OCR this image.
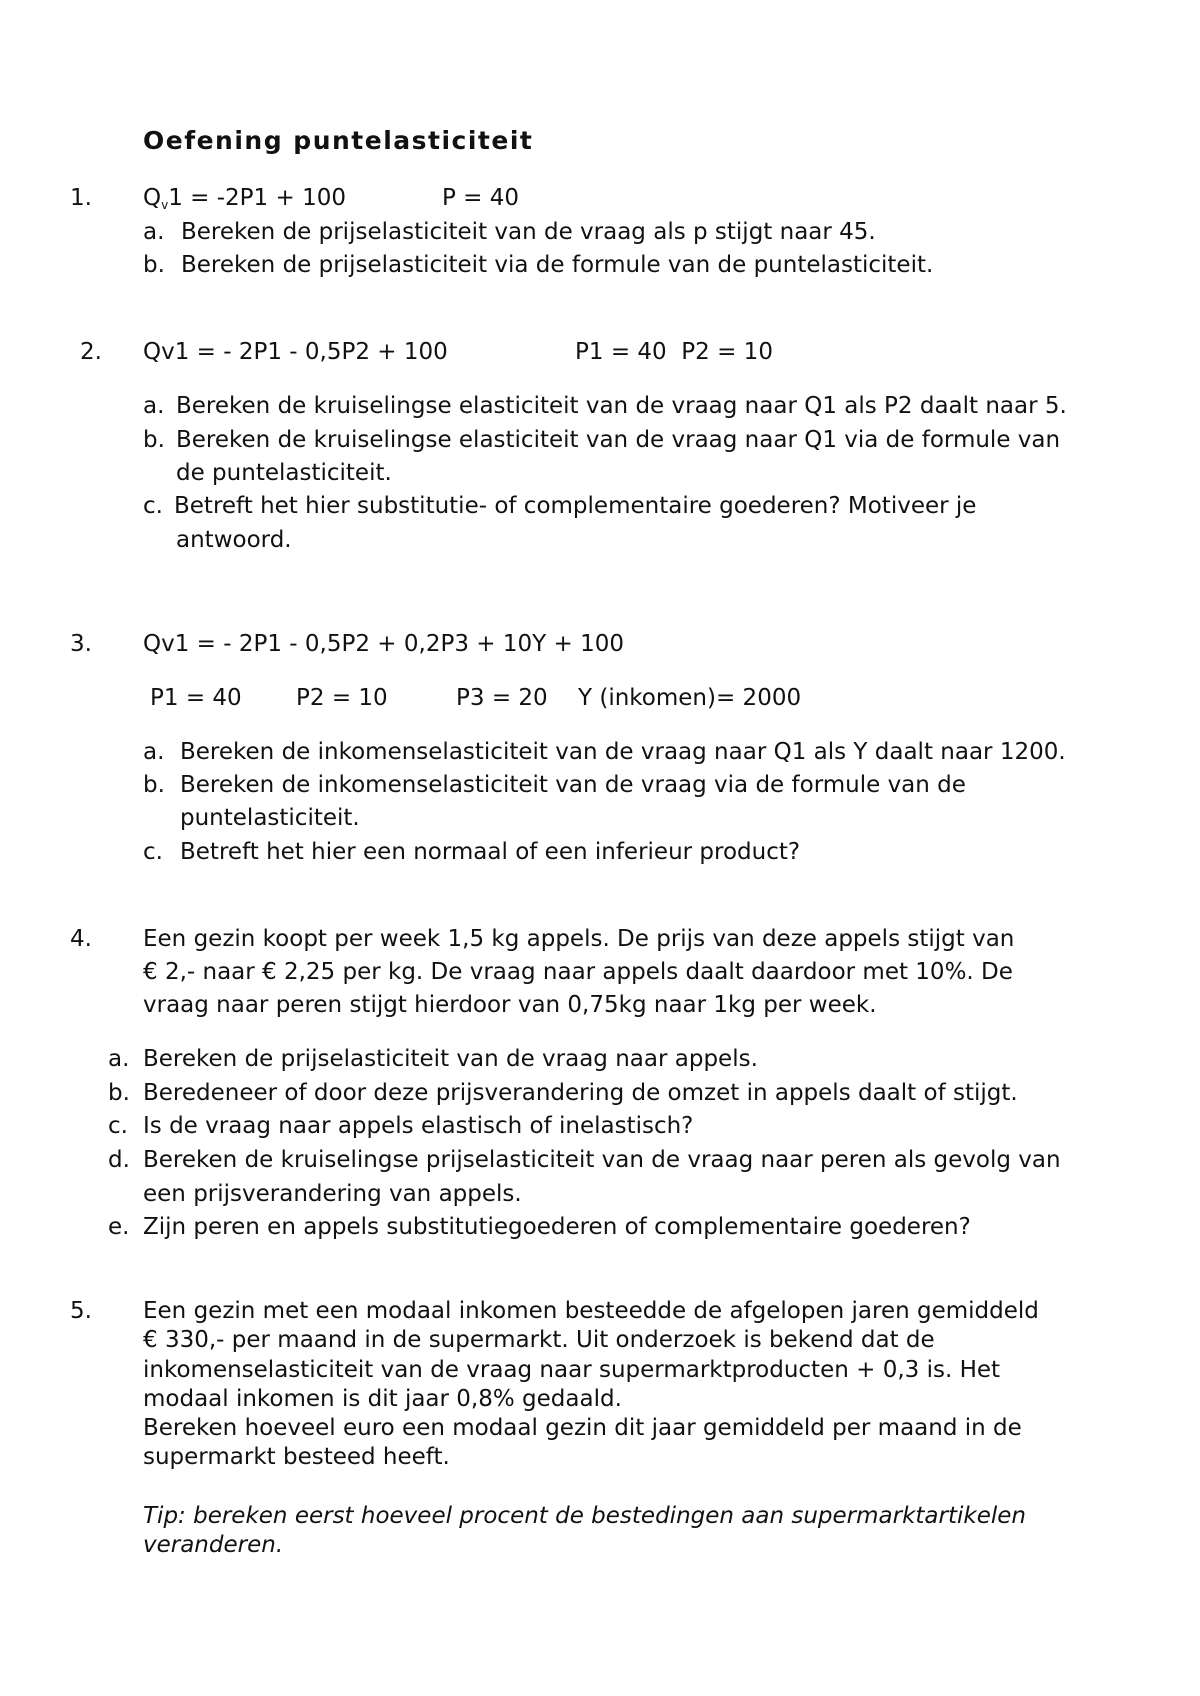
Oefening puntelasticiteit
1. $Q_v1 = -2P1 + 100$	P = 40
a. Bereken de prijselasticiteit van de vraag als p stijgt naar 45.
b. Bereken de prijselasticiteit via de formule van de puntelasticiteit.
2. Qv1 = - 2P1 - 0,5P2 + 100	P1 = 40  P2 = 10
a. Bereken de kruiselingse elasticiteit van de vraag naar Q1 als P2 daalt naar 5.
b. Bereken de kruiselingse elasticiteit van de vraag naar Q1 via de formule van
de puntelasticiteit.
c. Betreft het hier substitutie- of complementaire goederen? Motiveer je
antwoord.
3. Qv1 = - 2P1 - 0,5P2 + 0,2P3 + 10Y + 100
P1 = 40 P2 = 10	P3 = 20 Y (inkomen)= 2000
a. Bereken de inkomenselasticiteit van de vraag naar Q1 als Y daalt naar 1200.
b. Bereken de inkomenselasticiteit van de vraag via de formule van de
puntelasticiteit.
c. Betreft het hier een normaal of een inferieur product?
4. Een gezin koopt per week 1,5 kg appels. De prijs van deze appels stijgt van
€ 2,- naar € 2,25 per kg. De vraag naar appels daalt daardoor met 10%. De
vraag naar peren stijgt hierdoor van 0,75kg naar 1kg per week.
a. Bereken de prijselasticiteit van de vraag naar appels.
b. Beredeneer of door deze prijsverandering de omzet in appels daalt of stijgt.
c. Is de vraag naar appels elastisch of inelastisch?
d. Bereken de kruiselingse prijselasticiteit van de vraag naar peren als gevolg van
een prijsverandering van appels.
e. Zijn peren en appels substitutiegoederen of complementaire goederen?
5. Een gezin met een modaal inkomen besteedde de afgelopen jaren gemiddeld
€ 330,- per maand in de supermarkt. Uit onderzoek is bekend dat de
inkomenselasticiteit van de vraag naar supermarktproducten + 0,3 is. Het
modaal inkomen is dit jaar 0,8% gedaald.
Bereken hoeveel euro een modaal gezin dit jaar gemiddeld per maand in de
supermarkt besteed heeft.
Tip: bereken eerst hoeveel procent de bestedingen aan supermarktartikelen
veranderen.
